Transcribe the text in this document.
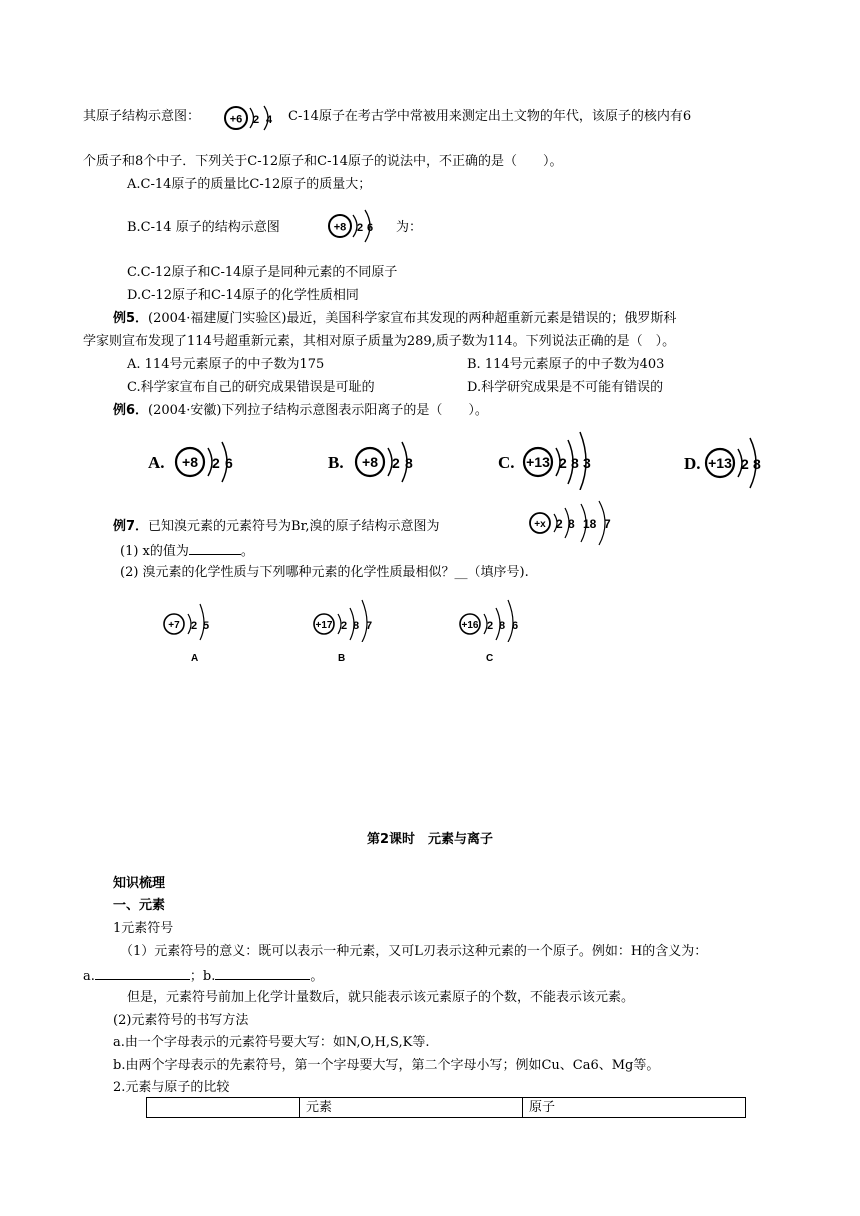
其原子结构示意图：	+6 2 4 C-14原子在考古学中常被用来测定出土文物的年代，该原子的核内有6
个质子和8个中子．下列关于C-12原子和C-14原子的说法中，不正确的是（　　）。
A.C-14原子的质量比C-12原子的质量大；
B.C-14 原子的结构示意图	+8 2 6 为：
C.C-12原子和C-14原子是同种元素的不同原子
D.C-12原子和C-14原子的化学性质相同
例5．(2004·福建厦门实验区)最近，美国科学家宣布其发现的两种超重新元素是错误的；俄罗斯科
学家则宣布发现了114号超重新元素，其相对原子质量为289,质子数为114。下列说法正确的是（　）。
A. 114号元素原子的中子数为175	B. 114号元素原子的中子数为403
C.科学家宣布自己的研究成果错误是可耻的	D.科学研究成果是不可能有错误的
例6．(2004·安徽)下列拉子结构示意图表示阳离子的是（　　）。
A. +8 2 6	B. +8 2 8	C. +13 2 8 3	D. +13 2 8
例7．已知溴元素的元素符号为Br,溴的原子结构示意图为	+x 2 8 18 7
(1) x的值为	。
(2) 溴元素的化学性质与下列哪种元素的化学性质最相似？__（填序号).
+7 2 5
A
+17 2 8 7
B
+16 2 8 6
C
第2课时　元素与离子
知识梳理
一、元素
1元素符号
（1）元素符号的意义：既可以表示一种元素，又可L刃表示这种元素的一个原子。例如：H的含义为：
a.	；b.	。
但是，元素符号前加上化学计量数后，就只能表示该元素原子的个数，不能表示该元素。
(2)元素符号的书写方法
a.由一个字母表示的元素符号要大写：如N,O,H,S,K等.
b.由两个字母表示的先素符号，第一个字母要大写，第二个字母小写；例如Cu、Ca6、Mg等。
2.元素与原子的比较
	元素	原子
